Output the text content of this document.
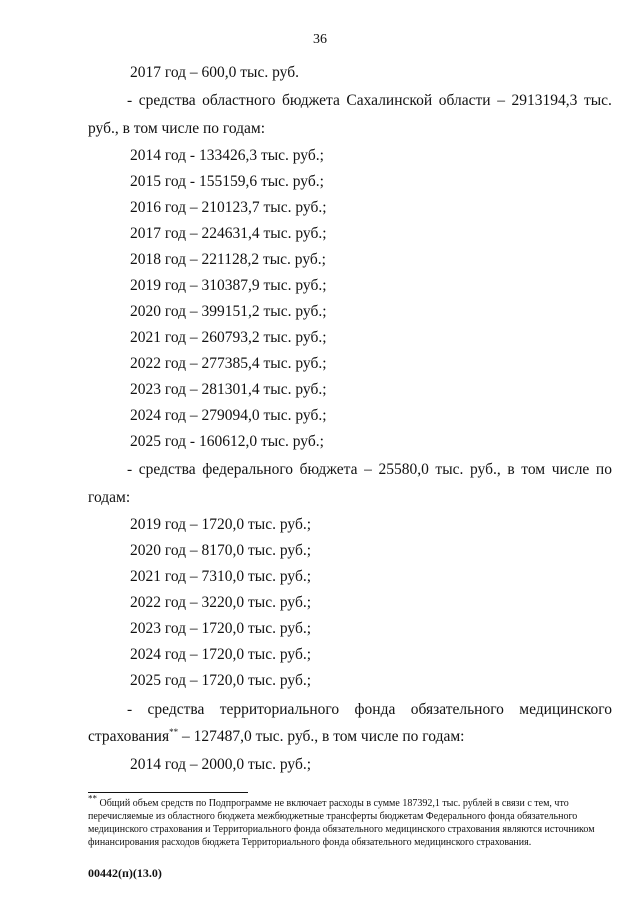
36
2017 год – 600,0 тыс. руб.
- средства областного бюджета Сахалинской области – 2913194,3 тыс.
руб., в том числе по годам:
2014 год - 133426,3 тыс. руб.;
2015 год - 155159,6 тыс. руб.;
2016 год – 210123,7 тыс. руб.;
2017 год – 224631,4 тыс. руб.;
2018 год – 221128,2 тыс. руб.;
2019 год – 310387,9 тыс. руб.;
2020 год – 399151,2 тыс. руб.;
2021 год – 260793,2 тыс. руб.;
2022 год – 277385,4 тыс. руб.;
2023 год – 281301,4 тыс. руб.;
2024 год – 279094,0 тыс. руб.;
2025 год - 160612,0 тыс. руб.;
- средства федерального бюджета – 25580,0 тыс. руб., в том числе по
годам:
2019 год – 1720,0 тыс. руб.;
2020 год – 8170,0 тыс. руб.;
2021 год – 7310,0 тыс. руб.;
2022 год – 3220,0 тыс. руб.;
2023 год – 1720,0 тыс. руб.;
2024 год – 1720,0 тыс. руб.;
2025 год – 1720,0 тыс. руб.;
- средства территориального фонда обязательного медицинского
страхования** – 127487,0 тыс. руб., в том числе по годам:
2014 год – 2000,0 тыс. руб.;
** Общий объем средств по Подпрограмме не включает расходы в сумме 187392,1 тыс. рублей в связи с тем, что перечисляемые из областного бюджета межбюджетные трансферты бюджетам Федерального фонда обязательного медицинского страхования и Территориального фонда обязательного медицинского страхования являются источником финансирования расходов бюджета Территориального фонда обязательного медицинского страхования.
00442(п)(13.0)
